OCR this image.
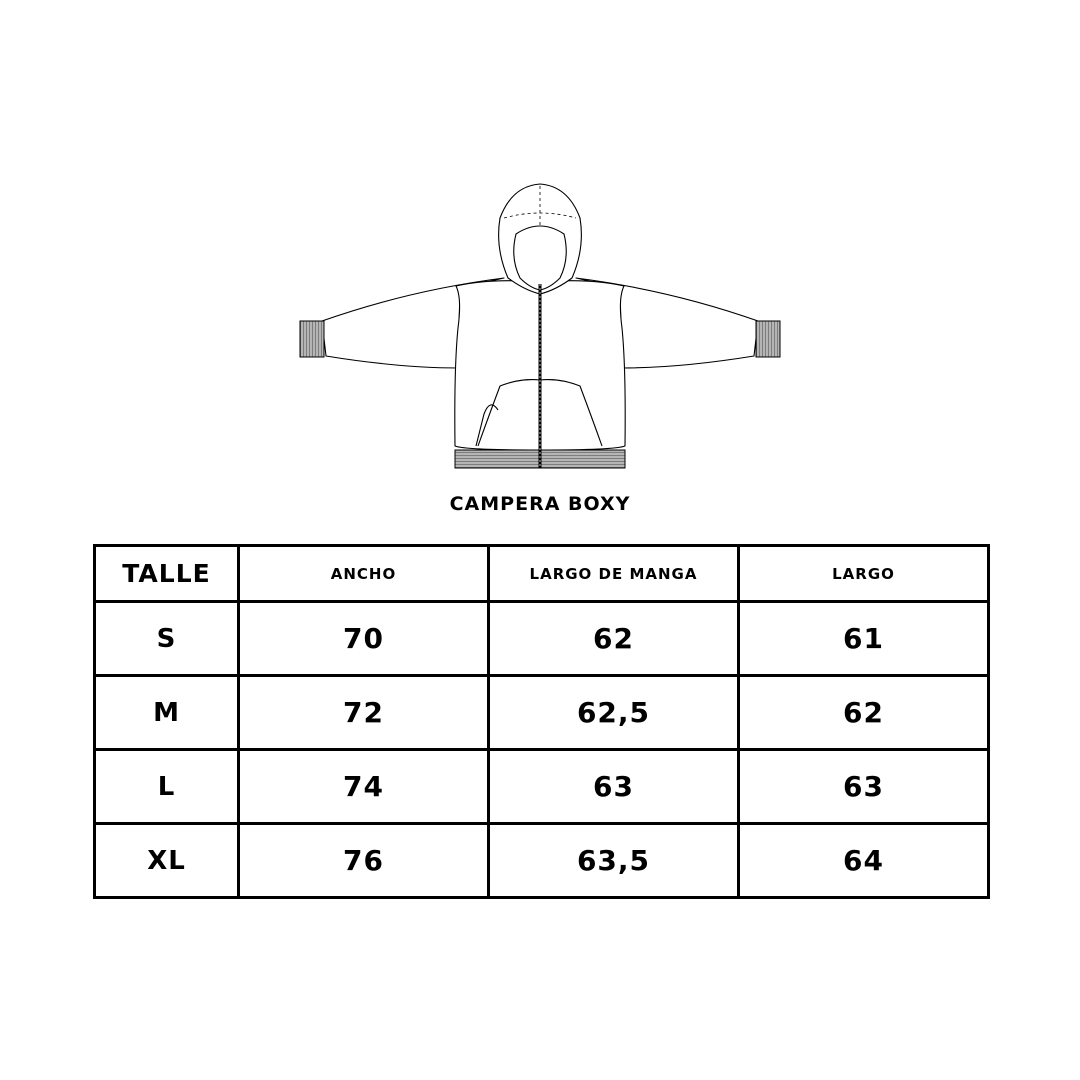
CAMPERA BOXY
TALLE	ANCHO	LARGO DE MANGA	LARGO
S	70	62	61
M	72	62,5	62
L	74	63	63
XL	76	63,5	64
